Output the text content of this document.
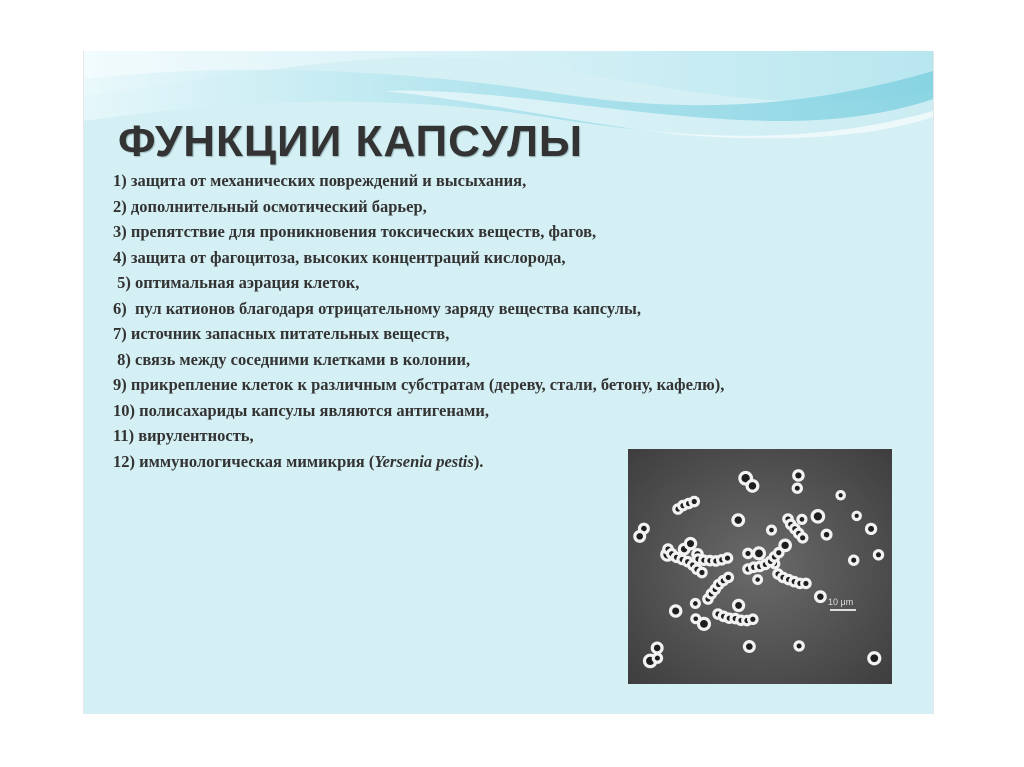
ФУНКЦИИ КАПСУЛЫ
1) защита от механических повреждений и высыхания,
2) дополнительный осмотический барьер,
3) препятствие для проникновения токсических веществ, фагов,
4) защита от фагоцитоза, высоких концентраций кислорода,
5) оптимальная аэрация клеток,
6)  пул катионов благодаря отрицательному заряду вещества капсулы,
7) источник запасных питательных веществ,
8) связь между соседними клетками в колонии,
9) прикрепление клеток к различным субстратам (дереву, стали, бетону, кафелю),
10) полисахариды капсулы являются антигенами,
11) вирулентность,
12) иммунологическая мимикрия (Yersenia pestis).
10 μm
